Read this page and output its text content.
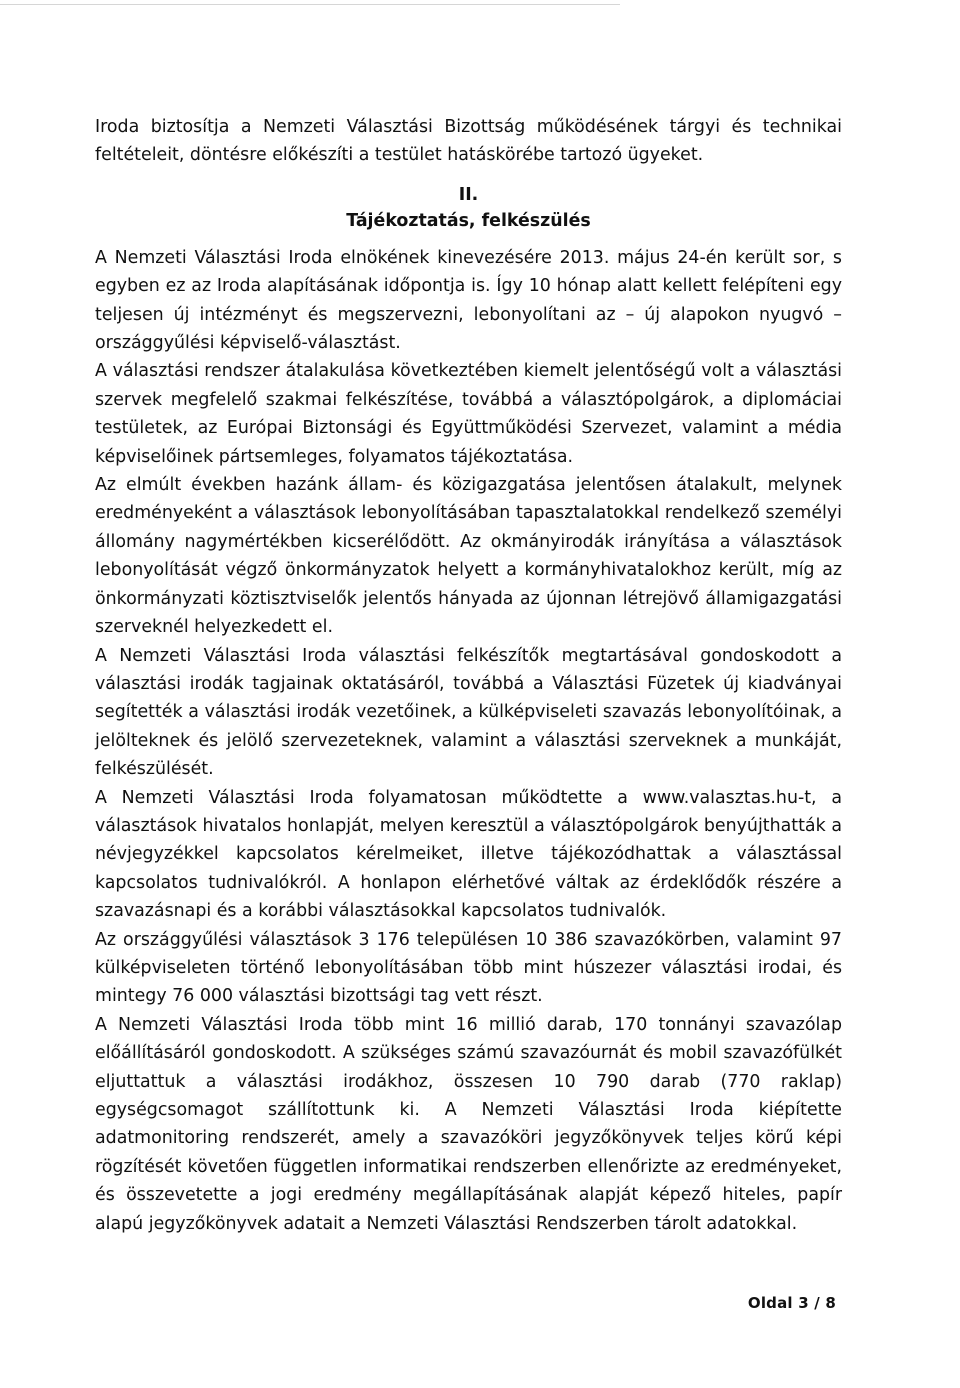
Iroda biztosítja a Nemzeti Választási Bizottság működésének tárgyi és technikai feltételeit, döntésre előkészíti a testület hatáskörébe tartozó ügyeket.

II.

Tájékoztatás, felkészülés

A Nemzeti Választási Iroda elnökének kinevezésére 2013. május 24-én került sor, s egyben ez az Iroda alapításának időpontja is. Így 10 hónap alatt kellett felépíteni egy teljesen új intézményt és megszervezni, lebonyolítani az – új alapokon nyugvó – országgyűlési képviselő-választást.

A választási rendszer átalakulása következtében kiemelt jelentőségű volt a választási szervek megfelelő szakmai felkészítése, továbbá a választópolgárok, a diplomáciai testületek, az Európai Biztonsági és Együttműködési Szervezet, valamint a média képviselőinek pártsemleges, folyamatos tájékoztatása.

Az elmúlt években hazánk állam- és közigazgatása jelentősen átalakult, melynek eredményeként a választások lebonyolításában tapasztalatokkal rendelkező személyi állomány nagymértékben kicserélődött. Az okmányirodák irányítása a választások lebonyolítását végző önkormányzatok helyett a kormányhivatalokhoz került, míg az önkormányzati köztisztviselők jelentős hányada az újonnan létrejövő államigazgatási szerveknél helyezkedett el.

A Nemzeti Választási Iroda választási felkészítők megtartásával gondoskodott a választási irodák tagjainak oktatásáról, továbbá a Választási Füzetek új kiadványai segítették a választási irodák vezetőinek, a külképviseleti szavazás lebonyolítóinak, a jelölteknek és jelölő szervezeteknek, valamint a választási szerveknek a munkáját, felkészülését.

A Nemzeti Választási Iroda folyamatosan működtette a www.valasztas.hu-t, a választások hivatalos honlapját, melyen keresztül a választópolgárok benyújthatták a névjegyzékkel kapcsolatos kérelmeiket, illetve tájékozódhattak a választással kapcsolatos tudnivalókról. A honlapon elérhetővé váltak az érdeklődők részére a szavazásnapi és a korábbi választásokkal kapcsolatos tudnivalók.

Az országgyűlési választások 3 176 településen 10 386 szavazókörben, valamint 97 külképviseleten történő lebonyolításában több mint húszezer választási irodai, és mintegy 76 000 választási bizottsági tag vett részt.

A Nemzeti Választási Iroda több mint 16 millió darab, 170 tonnányi szavazólap előállításáról gondoskodott. A szükséges számú szavazóurnát és mobil szavazófülkét eljuttattuk a választási irodákhoz, összesen 10 790 darab (770 raklap) egységcsomagot szállítottunk ki. A Nemzeti Választási Iroda kiépítette adatmonitoring rendszerét, amely a szavazóköri jegyzőkönyvek teljes körű képi rögzítését követően független informatikai rendszerben ellenőrizte az eredményeket, és összevetette a jogi eredmény megállapításának alapját képező hiteles, papír alapú jegyzőkönyvek adatait a Nemzeti Választási Rendszerben tárolt adatokkal.

Oldal 3 / 8
